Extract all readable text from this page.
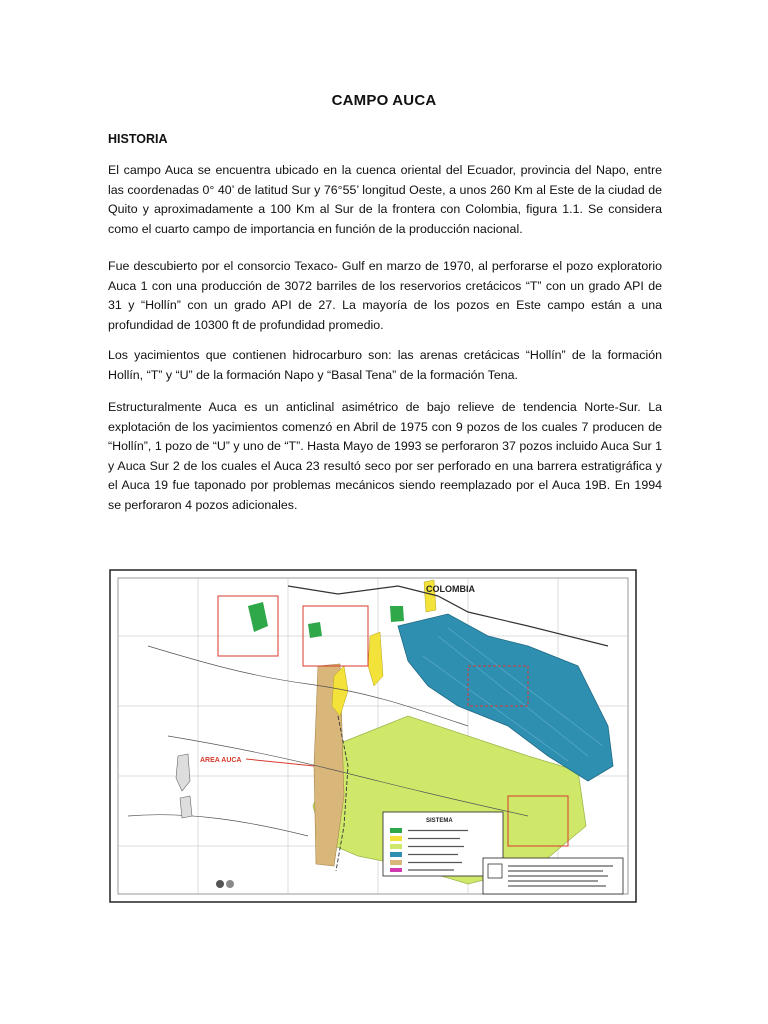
CAMPO AUCA
HISTORIA

El campo Auca se encuentra ubicado en la cuenca oriental del Ecuador, provincia del Napo, entre las coordenadas 0° 40’ de latitud Sur y 76°55’ longitud Oeste, a unos 260 Km al Este de la ciudad de Quito y aproximadamente a 100 Km al Sur de la frontera con Colombia, figura 1.1. Se considera como el cuarto campo de importancia en función de la producción nacional.

Fue descubierto por el consorcio Texaco- Gulf en marzo de 1970, al perforarse el pozo exploratorio Auca 1 con una producción de 3072 barriles de los reservorios cretácicos “T” con un grado API de 31 y “Hollín” con un grado API de 27. La mayoría de los pozos en Este campo están a una profundidad de 10300 ft de profundidad promedio.

Los yacimientos que contienen hidrocarburo son: las arenas cretácicas “Hollín” de la formación Hollín, “T” y “U” de la formación Napo y “Basal Tena” de la formación Tena.

Estructuralmente Auca es un anticlinal asimétrico de bajo relieve de tendencia Norte-Sur. La explotación de los yacimientos comenzó en Abril de 1975 con 9 pozos de los cuales 7 producen de “Hollín”, 1 pozo de “U” y uno de “T”. Hasta Mayo de 1993 se perforaron 37 pozos incluido Auca Sur 1 y Auca Sur 2 de los cuales el Auca 23 resultó seco por ser perforado en una barrera estratigráfica y el Auca 19 fue taponado por problemas mecánicos siendo reemplazado por el Auca 19B. En 1994 se perforaron 4 pozos adicionales.

COLOMBIA
AREA AUCA
SISTEMA
